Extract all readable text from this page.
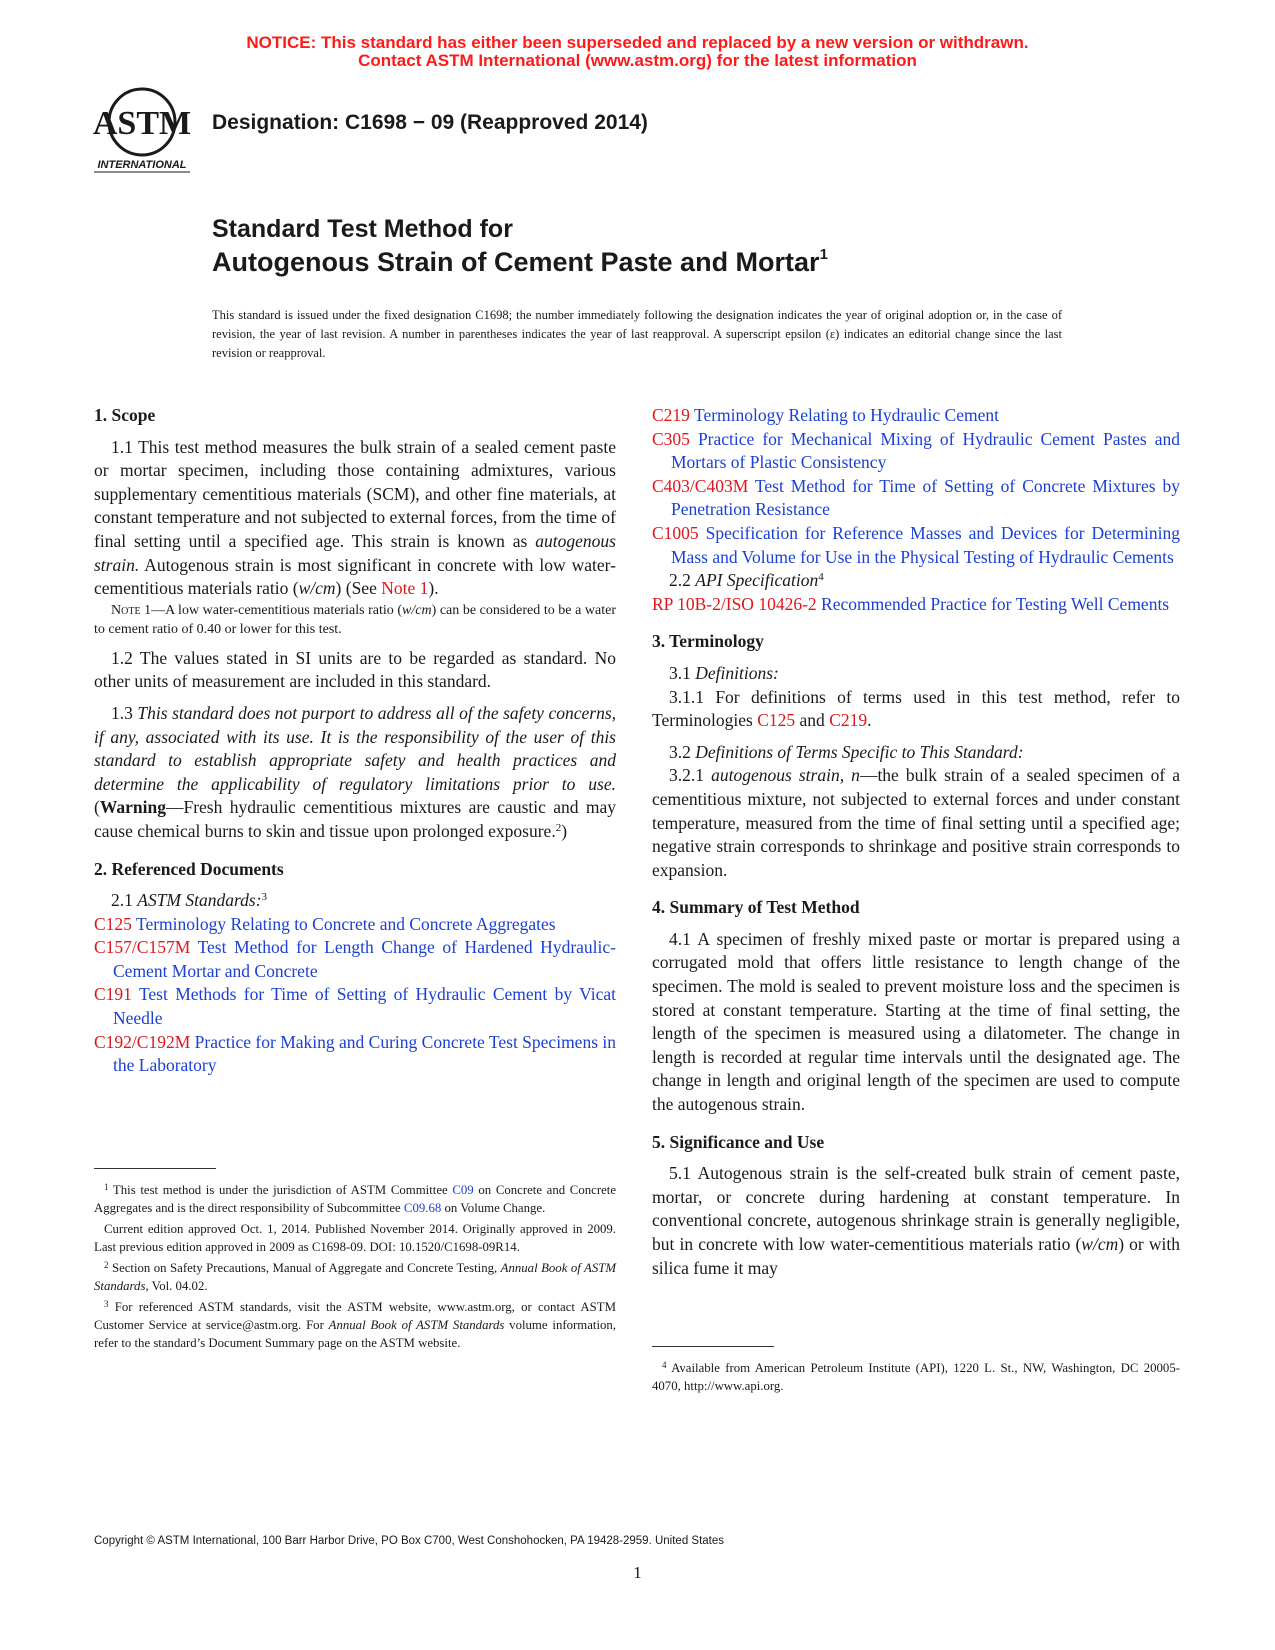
NOTICE: This standard has either been superseded and replaced by a new version or withdrawn.
Contact ASTM International (www.astm.org) for the latest information
ASTM
INTERNATIONAL
Designation: C1698 − 09 (Reapproved 2014)
Standard Test Method for
Autogenous Strain of Cement Paste and Mortar$^1$
This standard is issued under the fixed designation C1698; the number immediately following the designation indicates the year of original adoption or, in the case of revision, the year of last revision. A number in parentheses indicates the year of last reapproval. A superscript epsilon (ε) indicates an editorial change since the last revision or reapproval.
1. Scope
1.1 This test method measures the bulk strain of a sealed cement paste or mortar specimen, including those containing admixtures, various supplementary cementitious materials (SCM), and other fine materials, at constant temperature and not subjected to external forces, from the time of final setting until a specified age. This strain is known as autogenous strain. Autogenous strain is most significant in concrete with low water-cementitious materials ratio (w/cm) (See Note 1).
Note 1—A low water-cementitious materials ratio (w/cm) can be considered to be a water to cement ratio of 0.40 or lower for this test.
1.2 The values stated in SI units are to be regarded as standard. No other units of measurement are included in this standard.
1.3 This standard does not purport to address all of the safety concerns, if any, associated with its use. It is the responsibility of the user of this standard to establish appropriate safety and health practices and determine the applicability of regulatory limitations prior to use. (Warning—Fresh hydraulic cementitious mixtures are caustic and may cause chemical burns to skin and tissue upon prolonged exposure.$^2$)
2. Referenced Documents
2.1 ASTM Standards:$^3$
C125 Terminology Relating to Concrete and Concrete Aggregates
C157/C157M Test Method for Length Change of Hardened Hydraulic-Cement Mortar and Concrete
C191 Test Methods for Time of Setting of Hydraulic Cement by Vicat Needle
C192/C192M Practice for Making and Curing Concrete Test Specimens in the Laboratory

$^1$ This test method is under the jurisdiction of ASTM Committee C09 on Concrete and Concrete Aggregates and is the direct responsibility of Subcommittee C09.68 on Volume Change.

Current edition approved Oct. 1, 2014. Published November 2014. Originally approved in 2009. Last previous edition approved in 2009 as C1698-09. DOI: 10.1520/C1698-09R14.

$^2$ Section on Safety Precautions, Manual of Aggregate and Concrete Testing, Annual Book of ASTM Standards, Vol. 04.02.

$^3$ For referenced ASTM standards, visit the ASTM website, www.astm.org, or contact ASTM Customer Service at service@astm.org. For Annual Book of ASTM Standards volume information, refer to the standard’s Document Summary page on the ASTM website.

C219 Terminology Relating to Hydraulic Cement
C305 Practice for Mechanical Mixing of Hydraulic Cement Pastes and Mortars of Plastic Consistency
C403/C403M Test Method for Time of Setting of Concrete Mixtures by Penetration Resistance
C1005 Specification for Reference Masses and Devices for Determining Mass and Volume for Use in the Physical Testing of Hydraulic Cements
2.2 API Specification$^4$
RP 10B-2/ISO 10426-2 Recommended Practice for Testing Well Cements
3. Terminology
3.1 Definitions:
3.1.1 For definitions of terms used in this test method, refer to Terminologies C125 and C219.
3.2 Definitions of Terms Specific to This Standard:
3.2.1 autogenous strain, n—the bulk strain of a sealed specimen of a cementitious mixture, not subjected to external forces and under constant temperature, measured from the time of final setting until a specified age; negative strain corresponds to shrinkage and positive strain corresponds to expansion.
4. Summary of Test Method
4.1 A specimen of freshly mixed paste or mortar is prepared using a corrugated mold that offers little resistance to length change of the specimen. The mold is sealed to prevent moisture loss and the specimen is stored at constant temperature. Starting at the time of final setting, the length of the specimen is measured using a dilatometer. The change in length is recorded at regular time intervals until the designated age. The change in length and original length of the specimen are used to compute the autogenous strain.
5. Significance and Use
5.1 Autogenous strain is the self-created bulk strain of cement paste, mortar, or concrete during hardening at constant temperature. In conventional concrete, autogenous shrinkage strain is generally negligible, but in concrete with low water-cementitious materials ratio (w/cm) or with silica fume it may

$^4$ Available from American Petroleum Institute (API), 1220 L. St., NW, Washington, DC 20005-4070, http://www.api.org.

Copyright © ASTM International, 100 Barr Harbor Drive, PO Box C700, West Conshohocken, PA 19428-2959. United States
1
